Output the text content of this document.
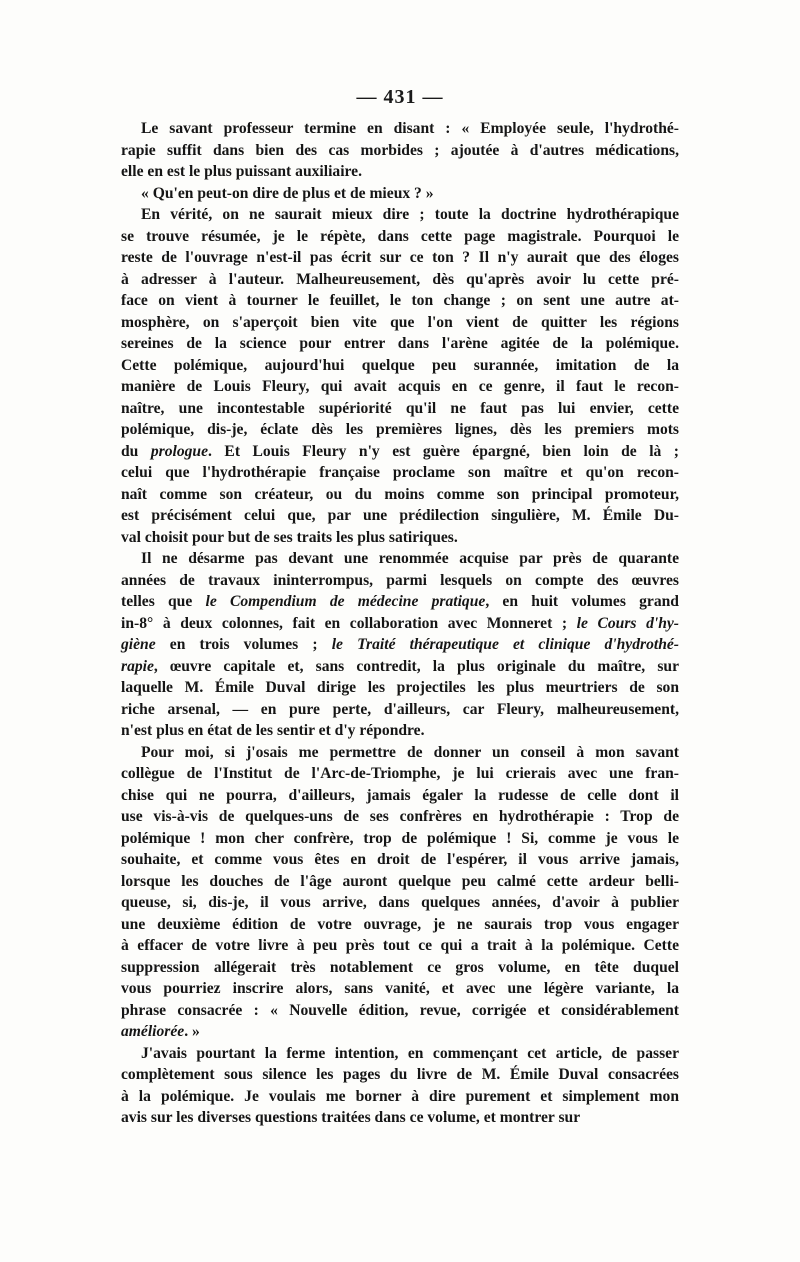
— 431 —

Le savant professeur termine en disant : « Employée seule, l'hydrothé-
rapie suffit dans bien des cas morbides ; ajoutée à d'autres médications,
elle en est le plus puissant auxiliaire.

« Qu'en peut-on dire de plus et de mieux ? »

En vérité, on ne saurait mieux dire ; toute la doctrine hydrothérapique
se trouve résumée, je le répète, dans cette page magistrale. Pourquoi le
reste de l'ouvrage n'est-il pas écrit sur ce ton ? Il n'y aurait que des éloges
à adresser à l'auteur. Malheureusement, dès qu'après avoir lu cette pré-
face on vient à tourner le feuillet, le ton change ; on sent une autre at-
mosphère, on s'aperçoit bien vite que l'on vient de quitter les régions
sereines de la science pour entrer dans l'arène agitée de la polémique.
Cette polémique, aujourd'hui quelque peu surannée, imitation de la
manière de Louis Fleury, qui avait acquis en ce genre, il faut le recon-
naître, une incontestable supériorité qu'il ne faut pas lui envier, cette
polémique, dis-je, éclate dès les premières lignes, dès les premiers mots
du prologue. Et Louis Fleury n'y est guère épargné, bien loin de là ;
celui que l'hydrothérapie française proclame son maître et qu'on recon-
naît comme son créateur, ou du moins comme son principal promoteur,
est précisément celui que, par une prédilection singulière, M. Émile Du-
val choisit pour but de ses traits les plus satiriques.

Il ne désarme pas devant une renommée acquise par près de quarante
années de travaux ininterrompus, parmi lesquels on compte des œuvres
telles que le Compendium de médecine pratique, en huit volumes grand
in-8° à deux colonnes, fait en collaboration avec Monneret ; le Cours d'hy-
giène en trois volumes ; le Traité thérapeutique et clinique d'hydrothé-
rapie, œuvre capitale et, sans contredit, la plus originale du maître, sur
laquelle M. Émile Duval dirige les projectiles les plus meurtriers de son
riche arsenal, — en pure perte, d'ailleurs, car Fleury, malheureusement,
n'est plus en état de les sentir et d'y répondre.

Pour moi, si j'osais me permettre de donner un conseil à mon savant
collègue de l'Institut de l'Arc-de-Triomphe, je lui crierais avec une fran-
chise qui ne pourra, d'ailleurs, jamais égaler la rudesse de celle dont il
use vis-à-vis de quelques-uns de ses confrères en hydrothérapie : Trop de
polémique ! mon cher confrère, trop de polémique ! Si, comme je vous le
souhaite, et comme vous êtes en droit de l'espérer, il vous arrive jamais,
lorsque les douches de l'âge auront quelque peu calmé cette ardeur belli-
queuse, si, dis-je, il vous arrive, dans quelques années, d'avoir à publier
une deuxième édition de votre ouvrage, je ne saurais trop vous engager
à effacer de votre livre à peu près tout ce qui a trait à la polémique. Cette
suppression allégerait très notablement ce gros volume, en tête duquel
vous pourriez inscrire alors, sans vanité, et avec une légère variante, la
phrase consacrée : « Nouvelle édition, revue, corrigée et considérablement
améliorée. »

J'avais pourtant la ferme intention, en commençant cet article, de passer
complètement sous silence les pages du livre de M. Émile Duval consacrées
à la polémique. Je voulais me borner à dire purement et simplement mon
avis sur les diverses questions traitées dans ce volume, et montrer sur
